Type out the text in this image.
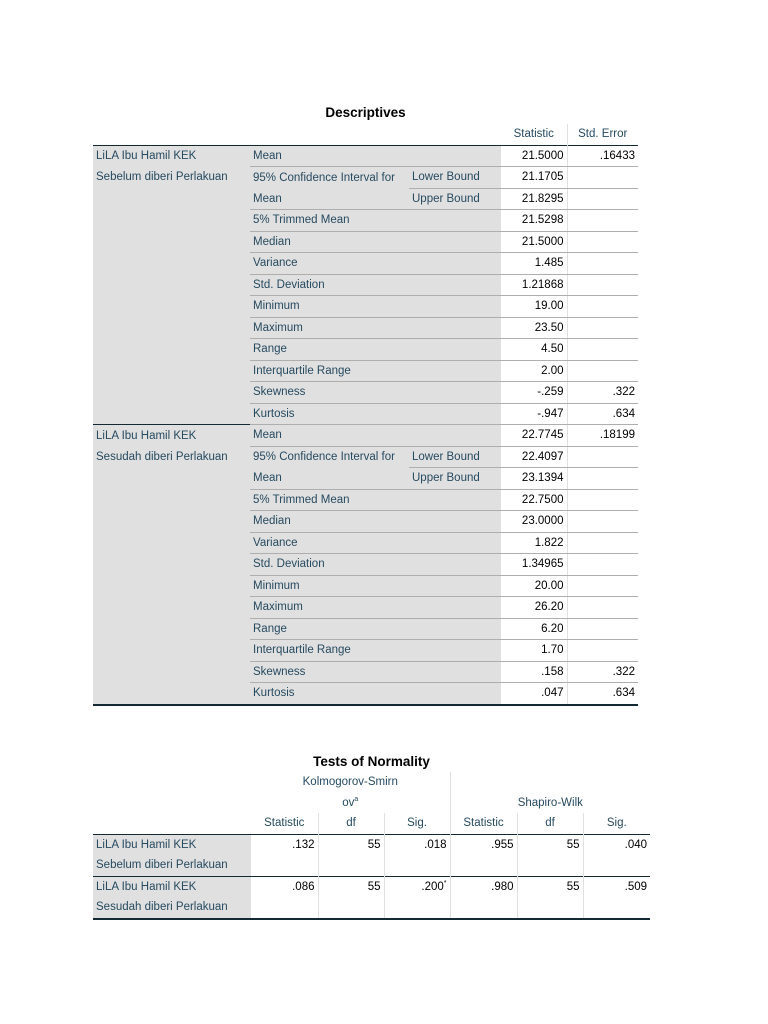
Descriptives
			Statistic	Std. Error
LiLA Ibu Hamil KEK	Mean		21.5000	.16433
Sebelum diberi Perlakuan	95% Confidence Interval for	Lower Bound	21.1705	
	Mean	Upper Bound	21.8295	
	5% Trimmed Mean		21.5298	
	Median		21.5000	
	Variance		1.485	
	Std. Deviation		1.21868	
	Minimum		19.00	
	Maximum		23.50	
	Range		4.50	
	Interquartile Range		2.00	
	Skewness		-.259	.322
	Kurtosis		-.947	.634
LiLA Ibu Hamil KEK	Mean		22.7745	.18199
Sesudah diberi Perlakuan	95% Confidence Interval for	Lower Bound	22.4097	
	Mean	Upper Bound	23.1394	
	5% Trimmed Mean		22.7500	
	Median		23.0000	
	Variance		1.822	
	Std. Deviation		1.34965	
	Minimum		20.00	
	Maximum		26.20	
	Range		6.20	
	Interquartile Range		1.70	
	Skewness		.158	.322
	Kurtosis		.047	.634
Tests of Normality
	Kolmogorov-Smirn					
	$ov^a$			Shapiro-Wilk		
	Statistic	df	Sig.	Statistic	df	Sig.
LiLA Ibu Hamil KEK	.132	55	.018	.955	55	.040
Sebelum diberi Perlakuan						
LiLA Ibu Hamil KEK	.086	55	.200*	.980	55	.509
Sesudah diberi Perlakuan						
